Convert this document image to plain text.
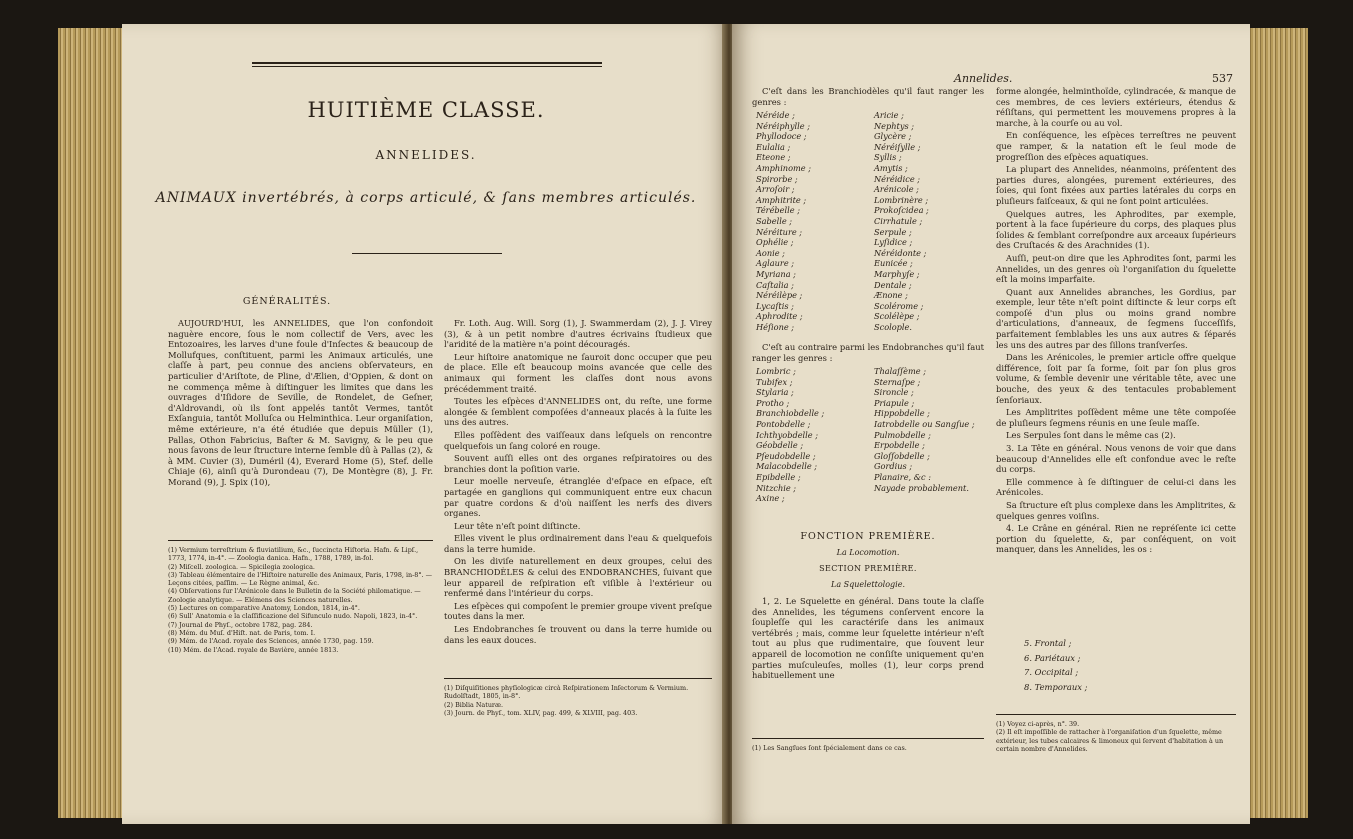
HUITIÈME CLASSE.
ANNELIDES.
ANIMAUX invertébrés, à corps articulé, & ſans membres articulés.
GÉNÉRALITÉS.

AUJOURD'HUI, les ANNELIDES, que l'on confondoit naguère encore, ſous le nom collectif de Vers, avec les Entozoaires, les larves d'une foule d'Inſectes & beaucoup de Mollufques, conſtituent, parmi les Animaux articulés, une claſſe à part, peu connue des anciens obſervateurs, en particulier d'Ariſtote, de Pline, d'Ælien, d'Oppien, & dont on ne commença même à diſtinguer les limites que dans les ouvrages d'Iſidore de Seville, de Rondelet, de Geſner, d'Aldrovandi, où ils ſont appelés tantôt Vermes, tantôt Exſanguia, tantôt Molluſca ou Helminthica. Leur organiſation, même extérieure, n'a été étudiée que depuis Müller (1), Pallas, Othon Fabricius, Baſter & M. Savigny, & le peu que nous ſavons de leur ſtructure interne ſemble dû à Pallas (2), & à MM. Cuvier (3), Duméril (4), Everard Home (5), Stef. delle Chiaje (6), ainſi qu'à Durondeau (7), De Montègre (8), J. Fr. Morand (9), J. Spix (10),

(1) Vermium terreſtrium & fluviatilium, &c., ſuccincta Hiſtoria. Hafn. & Lipſ., 1773, 1774, in-4°. — Zoologia danica. Hafn., 1788, 1789, in-fol.

(2) Miſcell. zoologica. — Spicilegia zoologica.

(3) Tableau élémentaire de l'Hiſtoire naturelle des Animaux, Paris, 1798, in-8°. — Leçons citées, paſſim. — Le Règne animal, &c.

(4) Obſervations ſur l'Arénicole dans le Bulletin de la Société philomatique. — Zoologie analytique. — Elémens des Sciences naturelles.

(5) Lectures on comparative Anatomy, London, 1814, in-4°.

(6) Sull' Anatomia e la claſſificazione del Sifunculo nudo. Napoli, 1823, in-4°.

(7) Journal de Phyſ., octobre 1782, pag. 284.

(8) Mém. du Muſ. d'Hiſt. nat. de Paris, tom. I.

(9) Mém. de l'Acad. royale des Sciences, année 1730, pag. 159.

(10) Mém. de l'Acad. royale de Bavière, année 1813.

Fr. Loth. Aug. Will. Sorg (1), J. Swammerdam (2), J. J. Virey (3), & à un petit nombre d'autres écrivains ſtudieux que l'aridité de la matière n'a point découragés.

Leur hiſtoire anatomique ne ſauroit donc occuper que peu de place. Elle eſt beaucoup moins avancée que celle des animaux qui forment les claſſes dont nous avons précédemment traité.

Toutes les eſpèces d'ANNELIDES ont, du reſte, une forme alongée & ſemblent compoſées d'anneaux placés à la ſuite les uns des autres.

Elles poſſèdent des vaiſſeaux dans leſquels on rencontre quelquefois un ſang coloré en rouge.

Souvent auſſi elles ont des organes reſpiratoires ou des branchies dont la poſition varie.

Leur moelle nerveuſe, étranglée d'eſpace en eſpace, eſt partagée en ganglions qui communiquent entre eux chacun par quatre cordons & d'où naiſſent les nerfs des divers organes.

Leur tête n'eſt point diſtincte.

Elles vivent le plus ordinairement dans l'eau & quelquefois dans la terre humide.

On les diviſe naturellement en deux groupes, celui des BRANCHIODÈLES & celui des ENDOBRANCHES, ſuivant que leur appareil de reſpiration eſt viſible à l'extérieur ou renfermé dans l'intérieur du corps.

Les eſpèces qui compoſent le premier groupe vivent preſque toutes dans la mer.

Les Endobranches ſe trouvent ou dans la terre humide ou dans les eaux douces.

(1) Diſquiſitiones phyſiologicæ circà Reſpirationem Inſectorum & Vermium. Rudolſtadt, 1805, in-8°.

(2) Biblia Naturæ.

(3) Journ. de Phyſ., tom. XLIV, pag. 499, & XLVIII, pag. 403.

Annelides.	537

C'eſt dans les Branchiodèles qu'il faut ranger les genres :

Néréide ;
Néréiphylle ;
Phyllodoce ;
Eulalia ;
Eteone ;
Amphinome ;
Spirorbe ;
Arroſoir ;
Amphitrite ;
Térébelle ;
Sabelle ;
Néréiture ;
Ophélie ;
Aonie ;
Aglaure ;
Myriana ;
Caſtalia ;
Néréilèpe ;
Lycaſtis ;
Aphrodite ;
Héſione ;
Aricie ;
Nephtys ;
Glycère ;
Néréiſylle ;
Syllis ;
Amytis ;
Néréidice ;
Arénicole ;
Lombrinère ;
Prokoſcidea ;
Cirrhatule ;
Serpule ;
Lyſidice ;
Néréidonte ;
Eunicée ;
Marphyſe ;
Dentale ;
Ænone ;
Scolérome ;
Scolélèpe ;
Scolople.

C'eſt au contraire parmi les Endobranches qu'il faut ranger les genres :

Lombric ;
Tubifex ;
Stylaria ;
Protho ;
Branchiobdelle ;
Pontobdelle ;
Ichthyobdelle ;
Géobdelle ;
Pſeudobdelle ;
Malacobdelle ;
Epibdelle ;
Nitzchie ;
Axine ;
Thalaſſème ;
Sternaſpe ;
Sironcle ;
Priapule ;
Hippobdelle ;
Iatrobdelle ou Sangſue ;
Pulmobdelle ;
Erpobdelle ;
Gloſſobdelle ;
Gordius ;
Planaire, &c :
Nayade probablement.
FONCTION PREMIÈRE.
La Locomotion.
SECTION PREMIÈRE.
La Squelettologie.

1, 2. Le Squelette en général. Dans toute la claſſe des Annelides, les tégumens conſervent encore la ſoupleſſe qui les caractériſe dans les animaux vertébrés ; mais, comme leur ſquelette intérieur n'eſt tout au plus que rudimentaire, que ſouvent leur appareil de locomotion ne conſiſte uniquement qu'en parties muſculeuſes, molles (1), leur corps prend habituellement une

(1) Les Sangſues ſont ſpécialement dans ce cas.

forme alongée, helminthoïde, cylindracée, & manque de ces membres, de ces leviers extérieurs, étendus & réſiſtans, qui permettent les mouvemens propres à la marche, à la courſe ou au vol.

En conſéquence, les eſpèces terreſtres ne peuvent que ramper, & la natation eſt le ſeul mode de progreſſion des eſpèces aquatiques.

La plupart des Annelides, néanmoins, préſentent des parties dures, alongées, purement extérieures, des ſoies, qui ſont fixées aux parties latérales du corps en pluſieurs faiſceaux, & qui ne ſont point articulées.

Quelques autres, les Aphrodites, par exemple, portent à la face ſupérieure du corps, des plaques plus ſolides & ſemblant correſpondre aux arceaux ſupérieurs des Cruſtacés & des Arachnides (1).

Auſſi, peut-on dire que les Aphrodites ſont, parmi les Annelides, un des genres où l'organiſation du ſquelette eſt la moins imparfaite.

Quant aux Annelides abranches, les Gordius, par exemple, leur tête n'eſt point diſtincte & leur corps eſt compoſé d'un plus ou moins grand nombre d'articulations, d'anneaux, de ſegmens ſucceſſifs, parfaitement ſemblables les uns aux autres & ſéparés les uns des autres par des ſillons tranſverſes.

Dans les Arénicoles, le premier article offre quelque différence, ſoit par ſa forme, ſoit par ſon plus gros volume, & ſemble devenir une véritable tête, avec une bouche, des yeux & des tentacules probablement ſenſoriaux.

Les Amplitrites poſſèdent même une tête compoſée de pluſieurs ſegmens réunis en une ſeule maſſe.

Les Serpules ſont dans le même cas (2).

3. La Tête en général. Nous venons de voir que dans beaucoup d'Annelides elle eſt confondue avec le reſte du corps.

Elle commence à ſe diſtinguer de celui-ci dans les Arénicoles.

Sa ſtructure eſt plus complexe dans les Amplitrites, & quelques genres voiſins.

4. Le Crâne en général. Rien ne repréſente ici cette portion du ſquelette, &, par conſéquent, on voit manquer, dans les Annelides, les os :

5. Frontal ;
6. Pariétaux ;
7. Occipital ;
8. Temporaux ;

(1) Voyez ci-après, n°. 39.

(2) Il eſt impoſſible de rattacher à l'organiſation d'un ſquelette, même extérieur, les tubes calcaires & limoneux qui ſervent d'habitation à un certain nombre d'Annelides.
